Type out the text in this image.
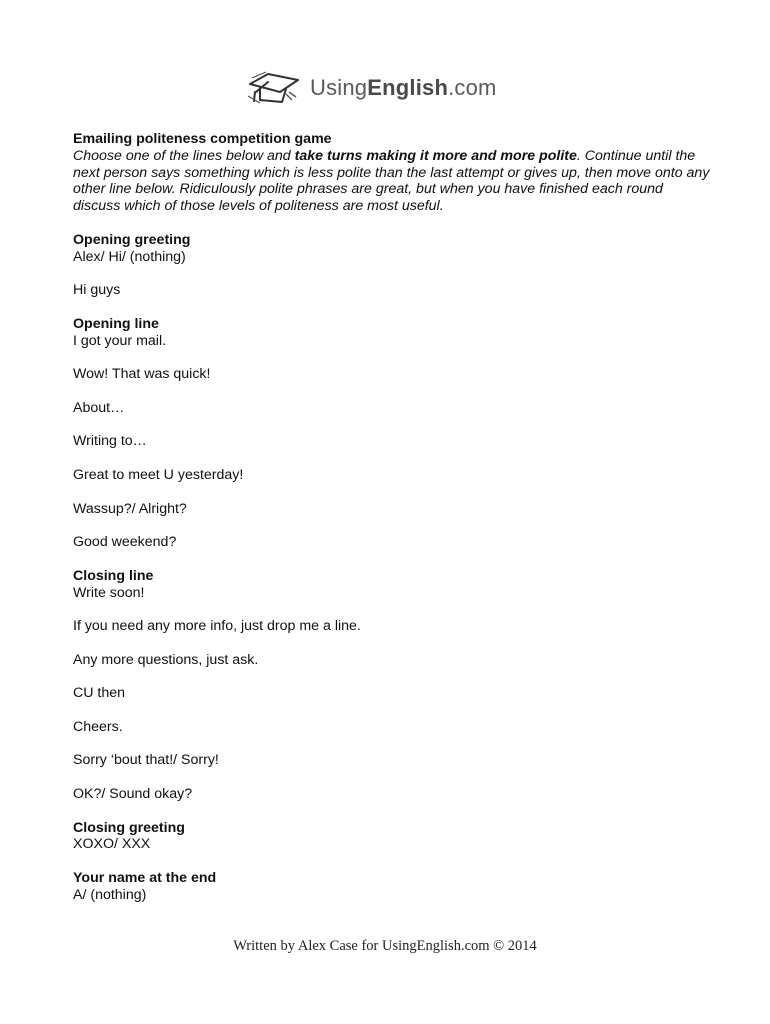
UsingEnglish.com
Emailing politeness competition game
Choose one of the lines below and take turns making it more and more polite. Continue until the next person says something which is less polite than the last attempt or gives up, then move onto any other line below. Ridiculously polite phrases are great, but when you have finished each round discuss which of those levels of politeness are most useful.
Opening greeting
Alex/ Hi/ (nothing)
Hi guys
Opening line
I got your mail.
Wow! That was quick!
About…
Writing to…
Great to meet U yesterday!
Wassup?/ Alright?
Good weekend?
Closing line
Write soon!
If you need any more info, just drop me a line.
Any more questions, just ask.
CU then
Cheers.
Sorry ‘bout that!/ Sorry!
OK?/ Sound okay?
Closing greeting
XOXO/ XXX
Your name at the end
A/ (nothing)
Written by Alex Case for UsingEnglish.com © 2014
